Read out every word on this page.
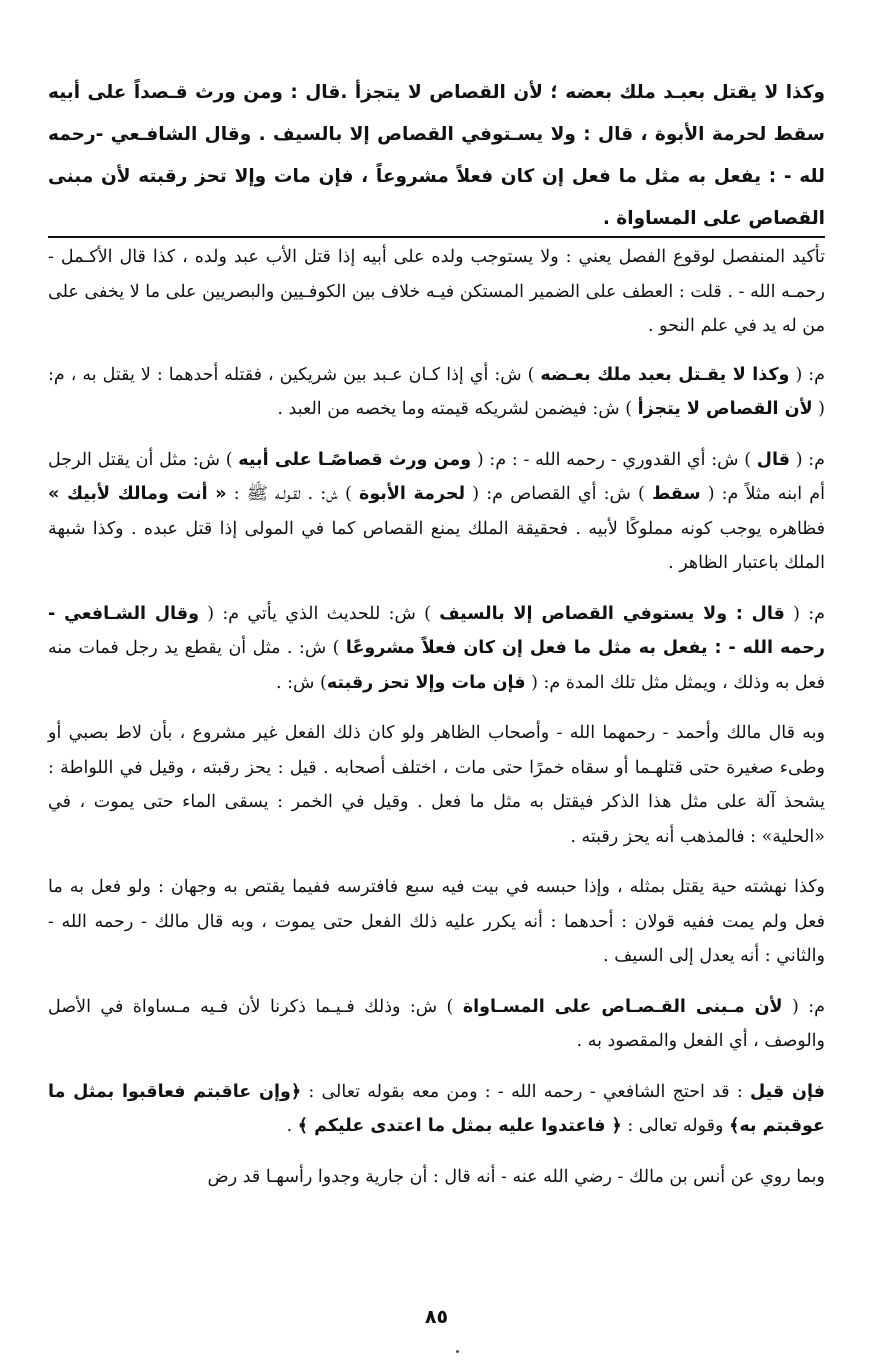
وكذا لا يقتل بعبـد ملك بعضه ؛ لأن القصاص لا يتجزأ .قال : ومن ورث قـصداً على أبيه سقط لحرمة الأبوة ، قال : ولا يسـتوفي القصاص إلا بالسيف . وقال الشافـعي -رحمه لله - : يفعل به مثل ما فعل إن كان فعلاً مشروعاً ، فإن مات وإلا تحز رقبته لأن مبنى القصاص على المساواة .

تأكيد المنفصل لوقوع الفصل يعني : ولا يستوجب ولده على أبيه إذا قتل الأب عبد ولده ، كذا قال الأكـمل - رحمـه الله - . قلت : العطف على الضمير المستكن فيـه خلاف بين الكوفـيين والبصريين على ما لا يخفى على من له يد في علم النحو .

م: ( وكذا لا يقـتل بعبد ملك بعـضه ) ش: أي إذا كـان عـبد بين شريكين ، فقتله أحدهما : لا يقتل به ، م: ( لأن القصاص لا يتجزأ ) ش: فيضمن لشريكه قيمته وما يخصه من العبد .

م: ( قال ) ش: أي القدوري - رحمه الله - : م: ( ومن ورث قصاصًـا على أبيه ) ش: مثل أن يقتل الرجل أم ابنه مثلاً م: ( سقط ) ش: أي القصاص م: ( لحرمة الأبوة ) ش: . لقـولـه ﷺ : « أنت ومالك لأبيك » فظاهره يوجب كونه مملوكًا لأبيه . فحقيقة الملك يمنع القصاص كما في المولى إذا قتل عبده . وكذا شبهة الملك باعتبار الظاهر .

م: ( قال : ولا يستوفي القصاص إلا بالسيف ) ش: للحديث الذي يأتي م: ( وقال الشـافعي - رحمه الله - : يفعل به مثل ما فعل إن كان فعلاً مشروعًا ) ش: . مثل أن يقطع يد رجل فمات منه فعل به وذلك ، ويمثل مثل تلك المدة م: ( فإن مات وإلا تحز رقبته) ش: .

وبه قال مالك وأحمد - رحمهما الله - وأصحاب الظاهر ولو كان ذلك الفعل غير مشروع ، بأن لاط بصبي أو وطىء صغيرة حتى قتلهـما أو سقاه خمرًا حتى مات ، اختلف أصحابه . قيل : يحز رقبته ، وقيل في اللواطة : يشحذ آلة على مثل هذا الذكر فيقتل به مثل ما فعل . وقيل في الخمر : يسقى الماء حتى يموت ، في «الحلية» : فالمذهب أنه يحز رقبته .

وكذا نهشته حية يقتل بمثله ، وإذا حبسه في بيت فيه سبع فافترسه ففيما يقتص به وجهان : ولو فعل به ما فعل ولم يمت ففيه قولان : أحدهما : أنه يكرر عليه ذلك الفعل حتى يموت ، وبه قال مالك - رحمه الله - والثاني : أنه يعدل إلى السيف .

م: ( لأن مـبنى القـصـاص على المسـاواة ) ش: وذلك فـيـما ذكرنا لأن فـيه مـساواة في الأصل والوصف ، أي الفعل والمقصود به .

فإن قيل : قد احتج الشافعي - رحمه الله - : ومن معه بقوله تعالى : ﴿وإن عاقبتم فعاقبوا بمثل ما عوقبتم به﴾ وقوله تعالى : ﴿ فاعتدوا عليه بمثل ما اعتدى عليكم ﴾ .

وبما روي عن أنس بن مالك - رضي الله عنه - أنه قال : أن جارية وجدوا رأسهـا قد رض

٨٥
